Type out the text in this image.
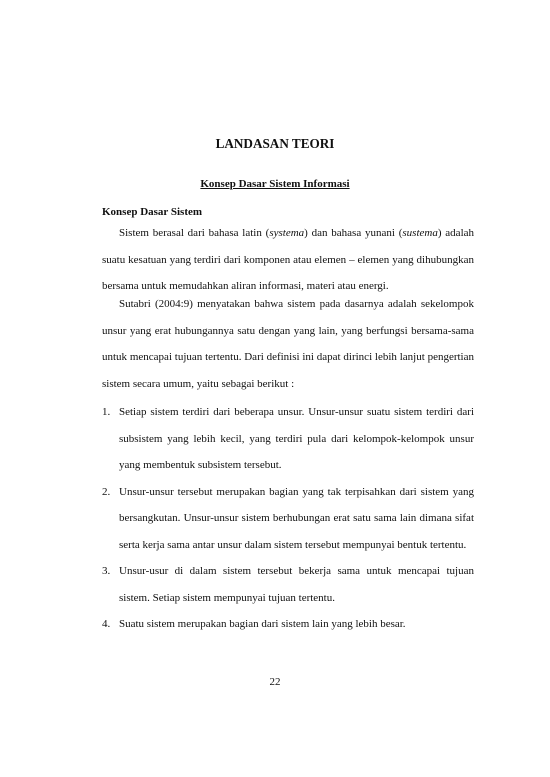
LANDASAN TEORI
Konsep Dasar Sistem Informasi
Konsep Dasar Sistem

Sistem berasal dari bahasa latin (systema) dan bahasa yunani (sustema) adalah suatu kesatuan yang terdiri dari komponen atau elemen – elemen yang dihubungkan bersama untuk memudahkan aliran informasi, materi atau energi.

Sutabri (2004:9) menyatakan bahwa sistem pada dasarnya adalah sekelompok unsur yang erat hubungannya satu dengan yang lain, yang berfungsi bersama-sama untuk mencapai tujuan tertentu. Dari definisi ini dapat dirinci lebih lanjut pengertian sistem secara umum, yaitu sebagai berikut :

1. Setiap sistem terdiri dari beberapa unsur. Unsur-unsur suatu sistem terdiri dari subsistem yang lebih kecil, yang terdiri pula dari kelompok-kelompok unsur yang membentuk subsistem tersebut.
2. Unsur-unsur tersebut merupakan bagian yang tak terpisahkan dari sistem yang bersangkutan. Unsur-unsur sistem berhubungan erat satu sama lain dimana sifat serta kerja sama antar unsur dalam sistem tersebut mempunyai bentuk tertentu.
3. Unsur-usur di dalam sistem tersebut bekerja sama untuk mencapai tujuan sistem. Setiap sistem mempunyai tujuan tertentu.
4. Suatu sistem merupakan bagian dari sistem lain yang lebih besar.
22
